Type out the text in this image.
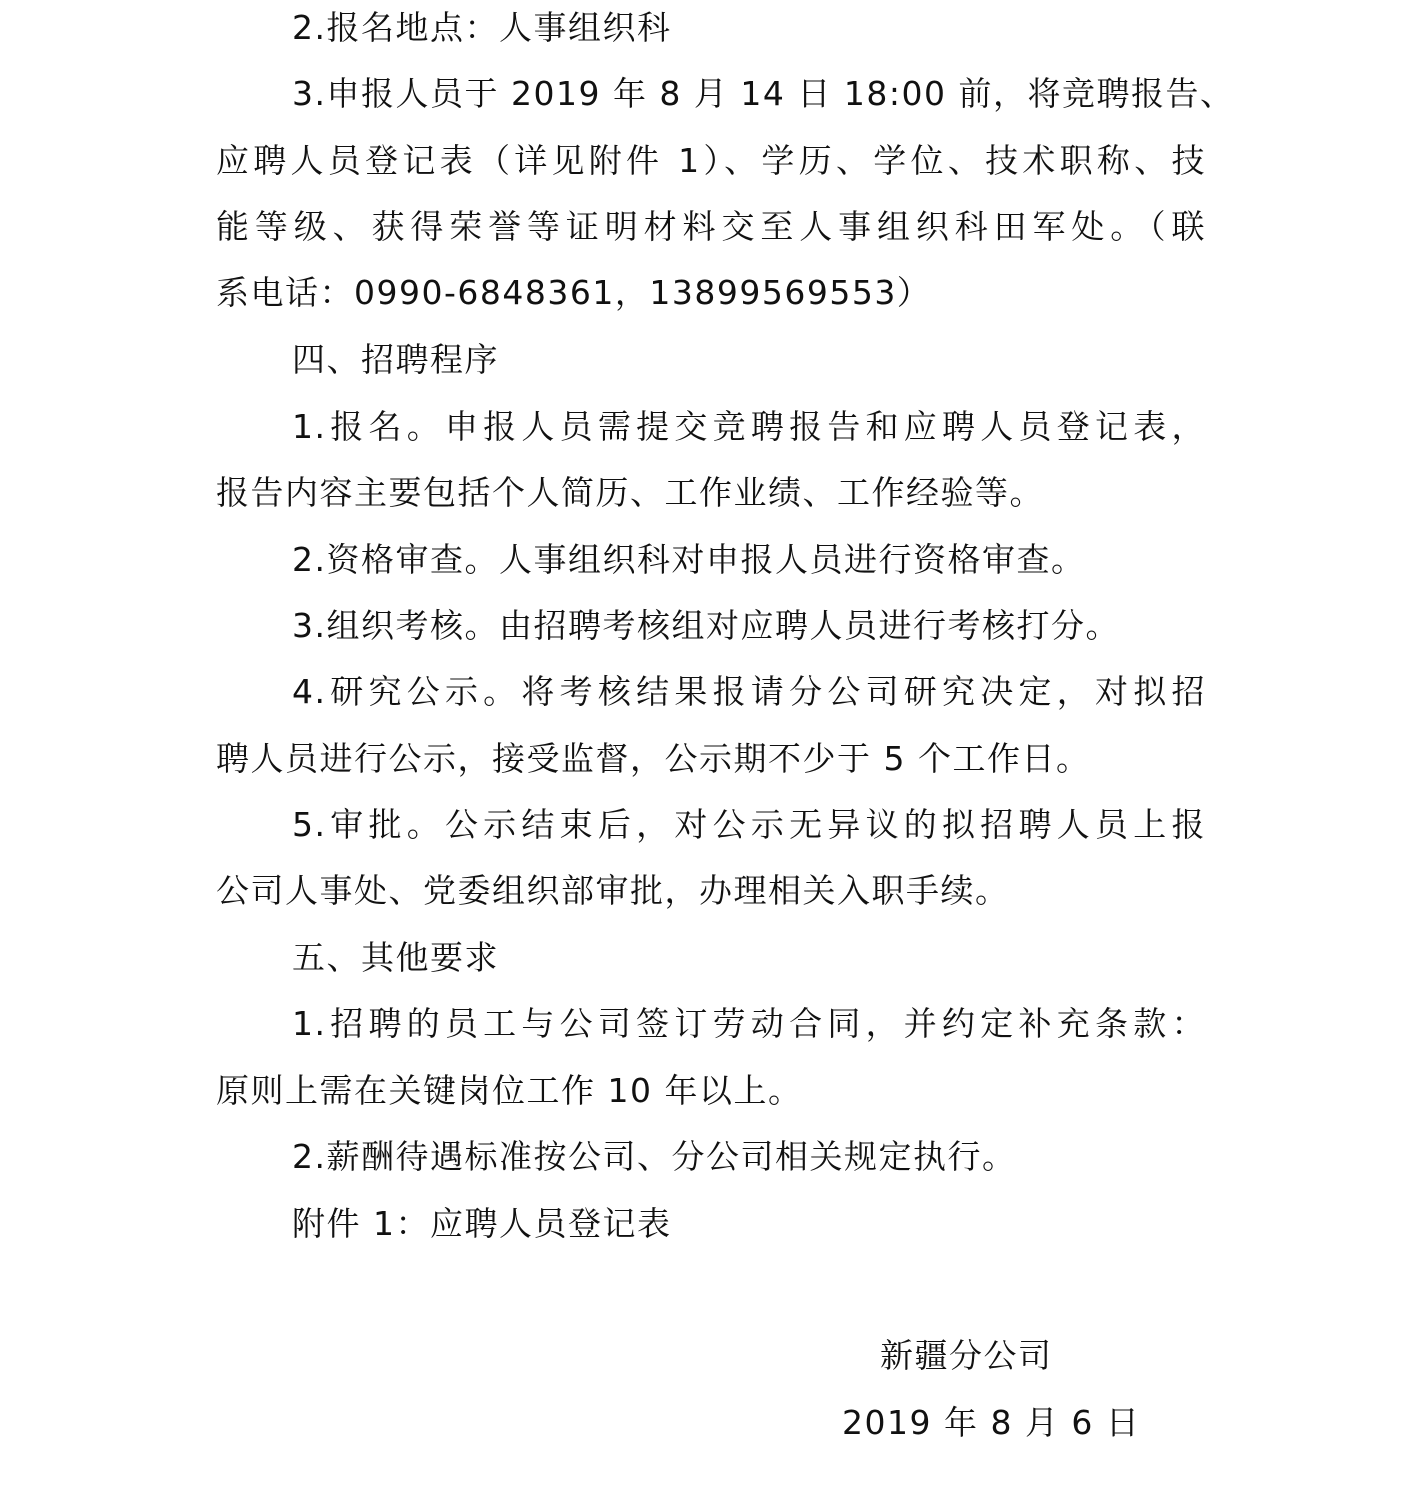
2.报名地点：人事组织科
3.申报人员于 2019 年 8 月 14 日 18:00 前，将竞聘报告、
应聘人员登记表（详见附件 1）、学历、学位、技术职称、技
能等级、获得荣誉等证明材料交至人事组织科田军处。（联
系电话：0990-6848361，13899569553）
四、招聘程序
1.报名。申报人员需提交竞聘报告和应聘人员登记表，
报告内容主要包括个人简历、工作业绩、工作经验等。
2.资格审查。人事组织科对申报人员进行资格审查。
3.组织考核。由招聘考核组对应聘人员进行考核打分。
4.研究公示。将考核结果报请分公司研究决定，对拟招
聘人员进行公示，接受监督，公示期不少于 5 个工作日。
5.审批。公示结束后，对公示无异议的拟招聘人员上报
公司人事处、党委组织部审批，办理相关入职手续。
五、其他要求
1.招聘的员工与公司签订劳动合同，并约定补充条款：
原则上需在关键岗位工作 10 年以上。
2.薪酬待遇标准按公司、分公司相关规定执行。
附件 1：应聘人员登记表
新疆分公司
2019 年 8 月 6 日
